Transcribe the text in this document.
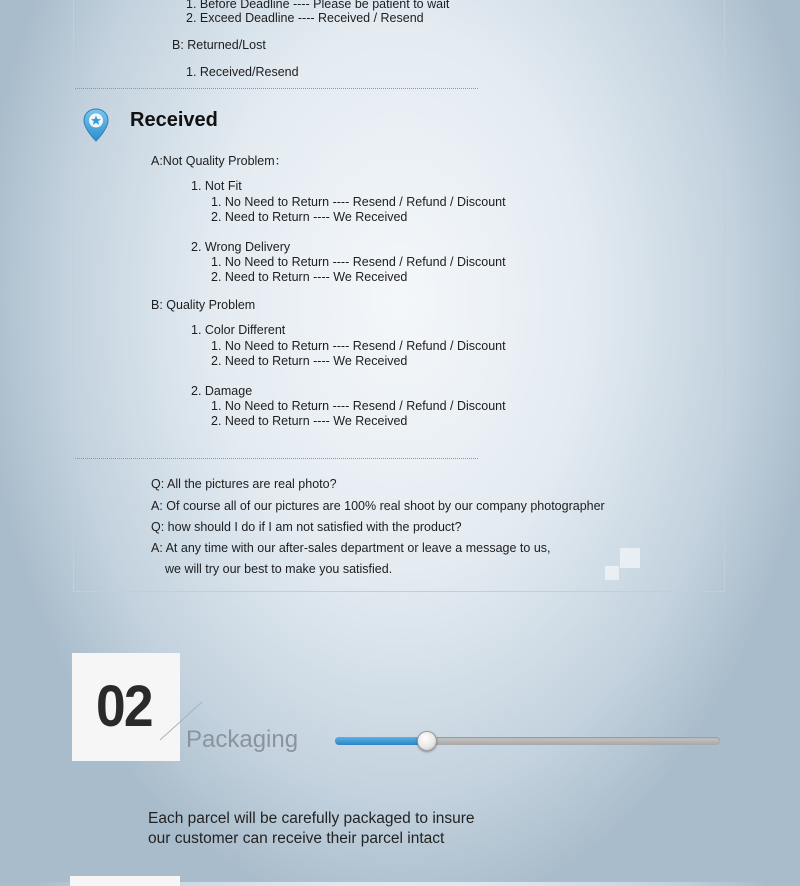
1. Before Deadline ---- Please be patient to wait
2. Exceed Deadline ---- Received / Resend
B: Returned/Lost
1. Received/Resend
Received
A:Not Quality Problem：
1. Not Fit
1. No Need to Return ---- Resend / Refund / Discount
2. Need to Return ---- We Received
2. Wrong Delivery
1. No Need to Return ---- Resend / Refund / Discount
2. Need to Return ---- We Received
B: Quality Problem
1. Color Different
1. No Need to Return ---- Resend / Refund / Discount
2. Need to Return ---- We Received
2. Damage
1. No Need to Return ---- Resend / Refund / Discount
2. Need to Return ---- We Received
Q: All the pictures are real photo?
A: Of course all of our pictures are 100% real shoot by our company photographer
Q: how should I do if I am not satisfied with the product?
A: At any time with our after-sales department or leave a message to us,
we will try our best to make you satisfied.
02
Packaging
Each parcel will be carefully packaged to insure
our customer can receive their parcel intact
